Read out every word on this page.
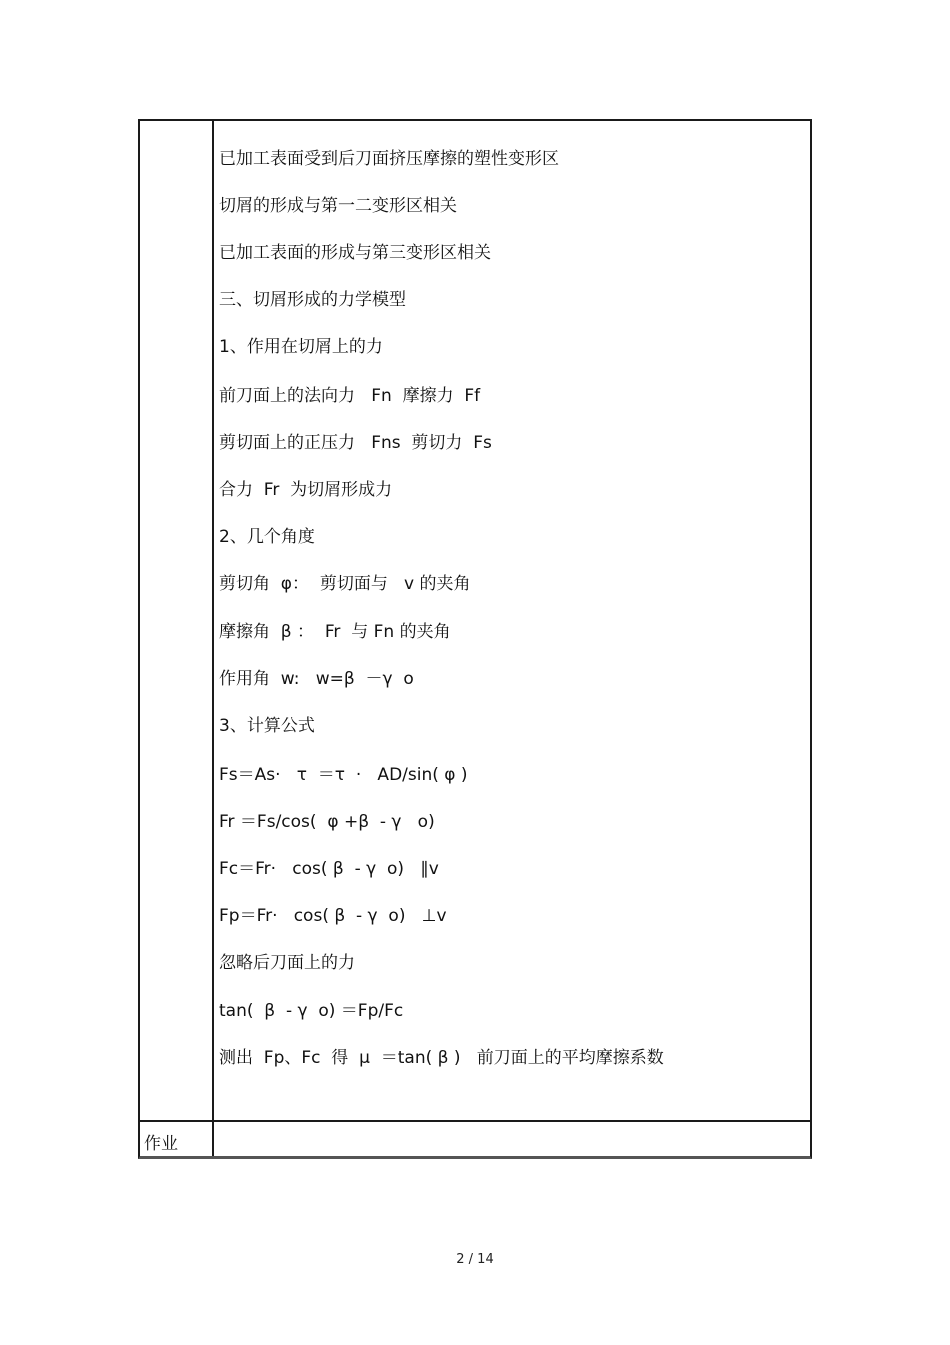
已加工表面受到后刀面挤压摩擦的塑性变形区
切屑的形成与第一二变形区相关
已加工表面的形成与第三变形区相关
三、切屑形成的力学模型
1、作用在切屑上的力
前刀面上的法向力   Fn  摩擦力  Ff
剪切面上的正压力   Fns  剪切力  Fs
合力  Fr  为切屑形成力
2、几个角度
剪切角  φ：  剪切面与   v 的夹角
摩擦角  β ：  Fr  与 Fn 的夹角
作用角  w:   w=β  －γ  o
3、计算公式
Fs＝As·   τ  ＝τ  ·   AD/sin( φ )
Fr ＝Fs/cos(  φ +β  - γ   o)
Fc＝Fr·   cos( β  - γ  o)   ∥v
Fp＝Fr·   cos( β  - γ  o)   ⊥v
忽略后刀面上的力
tan(  β  - γ  o) ＝Fp/Fc
测出  Fp、Fc  得  μ  ＝tan( β )   前刀面上的平均摩擦系数
作业
2 / 14
